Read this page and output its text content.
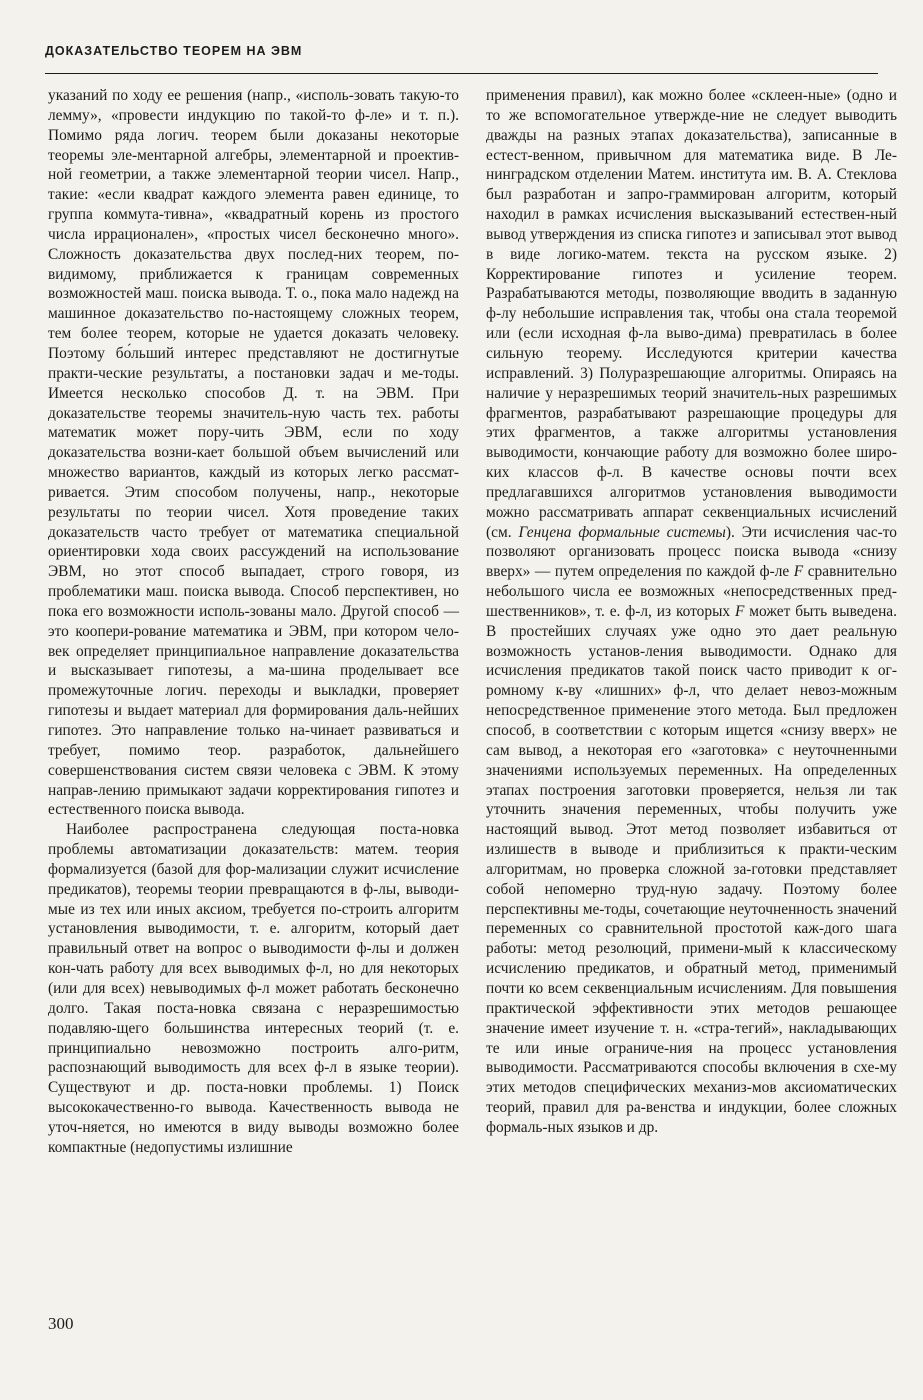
ДОКАЗАТЕЛЬСТВО ТЕОРЕМ НА ЭВМ

указаний по ходу ее решения (напр., «исполь-зовать такую-то лемму», «провести индукцию по такой-то ф-ле» и т. п.). Помимо ряда логич. теорем были доказаны некоторые теоремы эле-ментарной алгебры, элементарной и проектив-ной геометрии, а также элементарной теории чисел. Напр., такие: «если квадрат каждого элемента равен единице, то группа коммута-тивна», «квадратный корень из простого числа иррационален», «простых чисел бесконечно много». Сложность доказательства двух послед-них теорем, по-видимому, приближается к границам современных возможностей маш. поиска вывода. Т. о., пока мало надежд на машинное доказательство по-настоящему сложных теорем, тем более теорем, которые не удается доказать человеку. Поэтому бо́льший интерес представляют не достигнутые практи-ческие результаты, а постановки задач и ме-тоды. Имеется несколько способов Д. т. на ЭВМ. При доказательстве теоремы значитель-ную часть тех. работы математик может пору-чить ЭВМ, если по ходу доказательства возни-кает большой объем вычислений или множество вариантов, каждый из которых легко рассмат-ривается. Этим способом получены, напр., некоторые результаты по теории чисел. Хотя проведение таких доказательств часто требует от математика специальной ориентировки хода своих рассуждений на использование ЭВМ, но этот способ выпадает, строго говоря, из проблематики маш. поиска вывода. Способ перспективен, но пока его возможности исполь-зованы мало. Другой способ — это коопери-рование математика и ЭВМ, при котором чело-век определяет принципиальное направление доказательства и высказывает гипотезы, а ма-шина проделывает все промежуточные логич. переходы и выкладки, проверяет гипотезы и выдает материал для формирования даль-нейших гипотез. Это направление только на-чинает развиваться и требует, помимо теор. разработок, дальнейшего совершенствования систем связи человека с ЭВМ. К этому направ-лению примыкают задачи корректирования гипотез и естественного поиска вывода.

Наиболее распространена следующая поста-новка проблемы автоматизации доказательств: матем. теория формализуется (базой для фор-мализации служит исчисление предикатов), теоремы теории превращаются в ф-лы, выводи-мые из тех или иных аксиом, требуется по-строить алгоритм установления выводимости, т. е. алгоритм, который дает правильный ответ на вопрос о выводимости ф-лы и должен кон-чать работу для всех выводимых ф-л, но для некоторых (или для всех) невыводимых ф-л может работать бесконечно долго. Такая поста-новка связана с неразрешимостью подавляю-щего большинства интересных теорий (т. е. принципиально невозможно построить алго-ритм, распознающий выводимость для всех ф-л в языке теории). Существуют и др. поста-новки проблемы. 1) Поиск высококачественно-го вывода. Качественность вывода не уточ-няется, но имеются в виду выводы возможно более компактные (недопустимы излишние

применения правил), как можно более «склеен-ные» (одно и то же вспомогательное утвержде-ние не следует выводить дважды на разных этапах доказательства), записанные в естест-венном, привычном для математика виде. В Ле-нинградском отделении Матем. института им. В. А. Стеклова был разработан и запро-граммирован алгоритм, который находил в рамках исчисления высказываний естествен-ный вывод утверждения из списка гипотез и записывал этот вывод в виде логико-матем. текста на русском языке. 2) Корректирование гипотез и усиление теорем. Разрабатываются методы, позволяющие вводить в заданную ф-лу небольшие исправления так, чтобы она стала теоремой или (если исходная ф-ла выво-дима) превратилась в более сильную теорему. Исследуются критерии качества исправлений. 3) Полуразрешающие алгоритмы. Опираясь на наличие у неразрешимых теорий значитель-ных разрешимых фрагментов, разрабатывают разрешающие процедуры для этих фрагментов, а также алгоритмы установления выводимости, кончающие работу для возможно более широ-ких классов ф-л. В качестве основы почти всех предлагавшихся алгоритмов установления выводимости можно рассматривать аппарат секвенциальных исчислений (см. Генцена формальные системы). Эти исчисления час-то позволяют организовать процесс поиска вывода «снизу вверх» — путем определения по каждой ф-ле F сравнительно небольшого числа ее возможных «непосредственных пред-шественников», т. е. ф-л, из которых F может быть выведена. В простейших случаях уже одно это дает реальную возможность установ-ления выводимости. Однако для исчисления предикатов такой поиск часто приводит к ог-ромному к-ву «лишних» ф-л, что делает невоз-можным непосредственное применение этого метода. Был предложен способ, в соответствии с которым ищется «снизу вверх» не сам вывод, а некоторая его «заготовка» с неуточненными значениями используемых переменных. На определенных этапах построения заготовки проверяется, нельзя ли так уточнить значения переменных, чтобы получить уже настоящий вывод. Этот метод позволяет избавиться от излишеств в выводе и приблизиться к практи-ческим алгоритмам, но проверка сложной за-готовки представляет собой непомерно труд-ную задачу. Поэтому более перспективны ме-тоды, сочетающие неуточненность значений переменных со сравнительной простотой каж-дого шага работы: метод резолюций, примени-мый к классическому исчислению предикатов, и обратный метод, применимый почти ко всем секвенциальным исчислениям. Для повышения практической эффективности этих методов решающее значение имеет изучение т. н. «стра-тегий», накладывающих те или иные ограниче-ния на процесс установления выводимости. Рассматриваются способы включения в схе-му этих методов специфических механиз-мов аксиоматических теорий, правил для ра-венства и индукции, более сложных формаль-ных языков и др.

300
